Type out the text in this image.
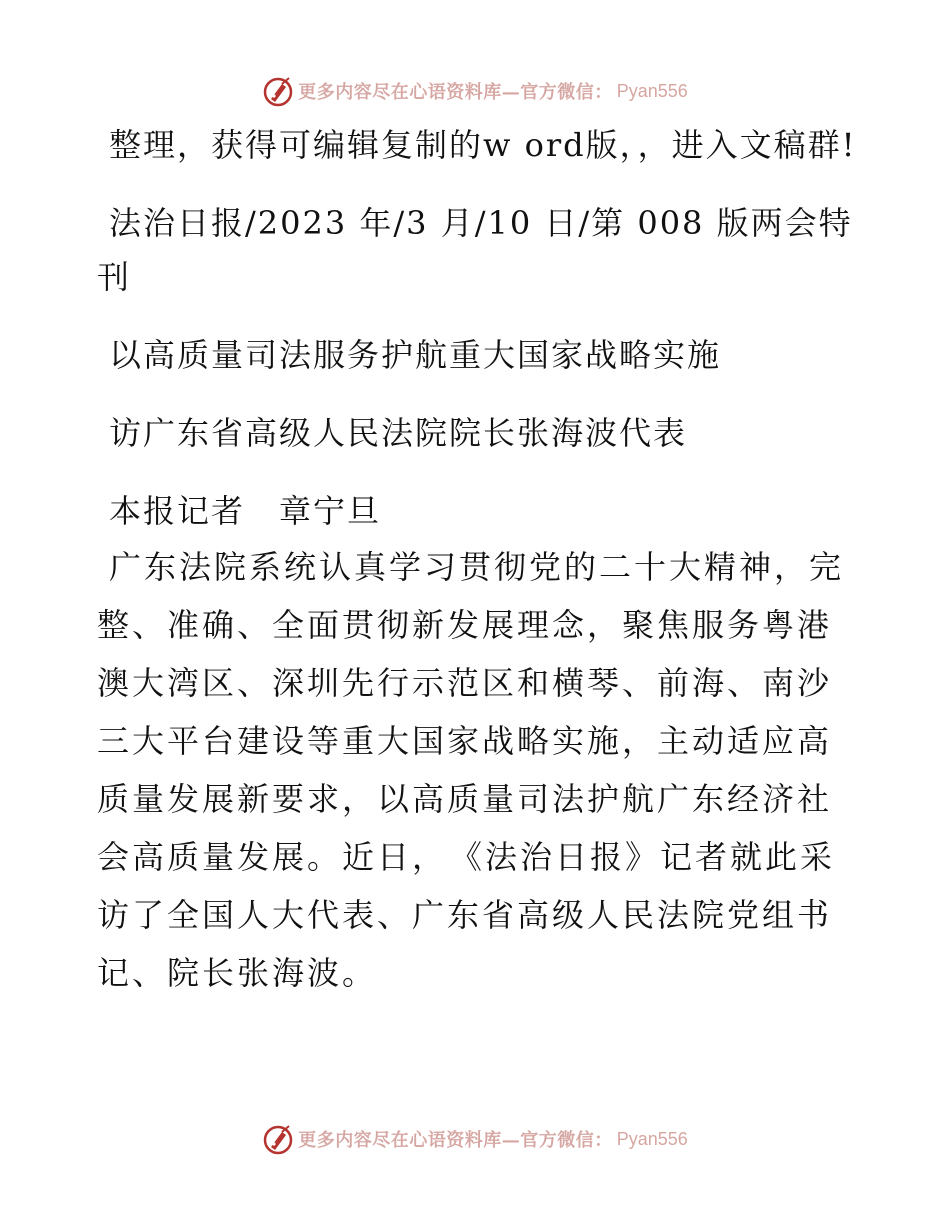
更多内容尽在心语资料库—官方微信： Pyan556

整理，获得可编辑复制的w ord版，，进入文稿群!

法治日报/2023 年/3 月/10 日/第 008 版两会特刊

以高质量司法服务护航重大国家战略实施

访广东省高级人民法院院长张海波代表

本报记者　章宁旦

广东法院系统认真学习贯彻党的二十大精神，完整、准确、全面贯彻新发展理念，聚焦服务粤港澳大湾区、深圳先行示范区和横琴、前海、南沙三大平台建设等重大国家战略实施，主动适应高质量发展新要求，以高质量司法护航广东经济社会高质量发展。近日，　《法治日报》记者就此采访了全国人大代表、广东省高级人民法院党组书记、院长张海波。

更多内容尽在心语资料库—官方微信： Pyan556
